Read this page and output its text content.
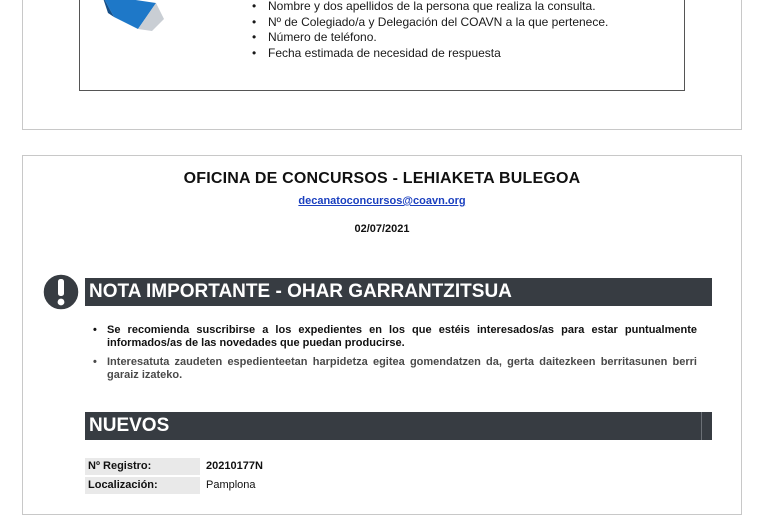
• Nombre y dos apellidos de la persona que realiza la consulta.
• Nº de Colegiado/a y Delegación del COAVN a la que pertenece.
• Número de teléfono.
• Fecha estimada de necesidad de respuesta
OFICINA DE CONCURSOS - LEHIAKETA BULEGOA
decanatoconcursos@coavn.org
02/07/2021
NOTA IMPORTANTE - OHAR GARRANTZITSUA
• Se recomienda suscribirse a los expedientes en los que estéis interesados/as para estar puntualmente informados/as de las novedades que puedan producirse.
• Interesatuta zaudeten espedienteetan harpidetza egitea gomendatzen da, gerta daitezkeen berritasunen berri garaiz izateko.
NUEVOS
Nº Registro:	20210177N
Localización:	Pamplona
